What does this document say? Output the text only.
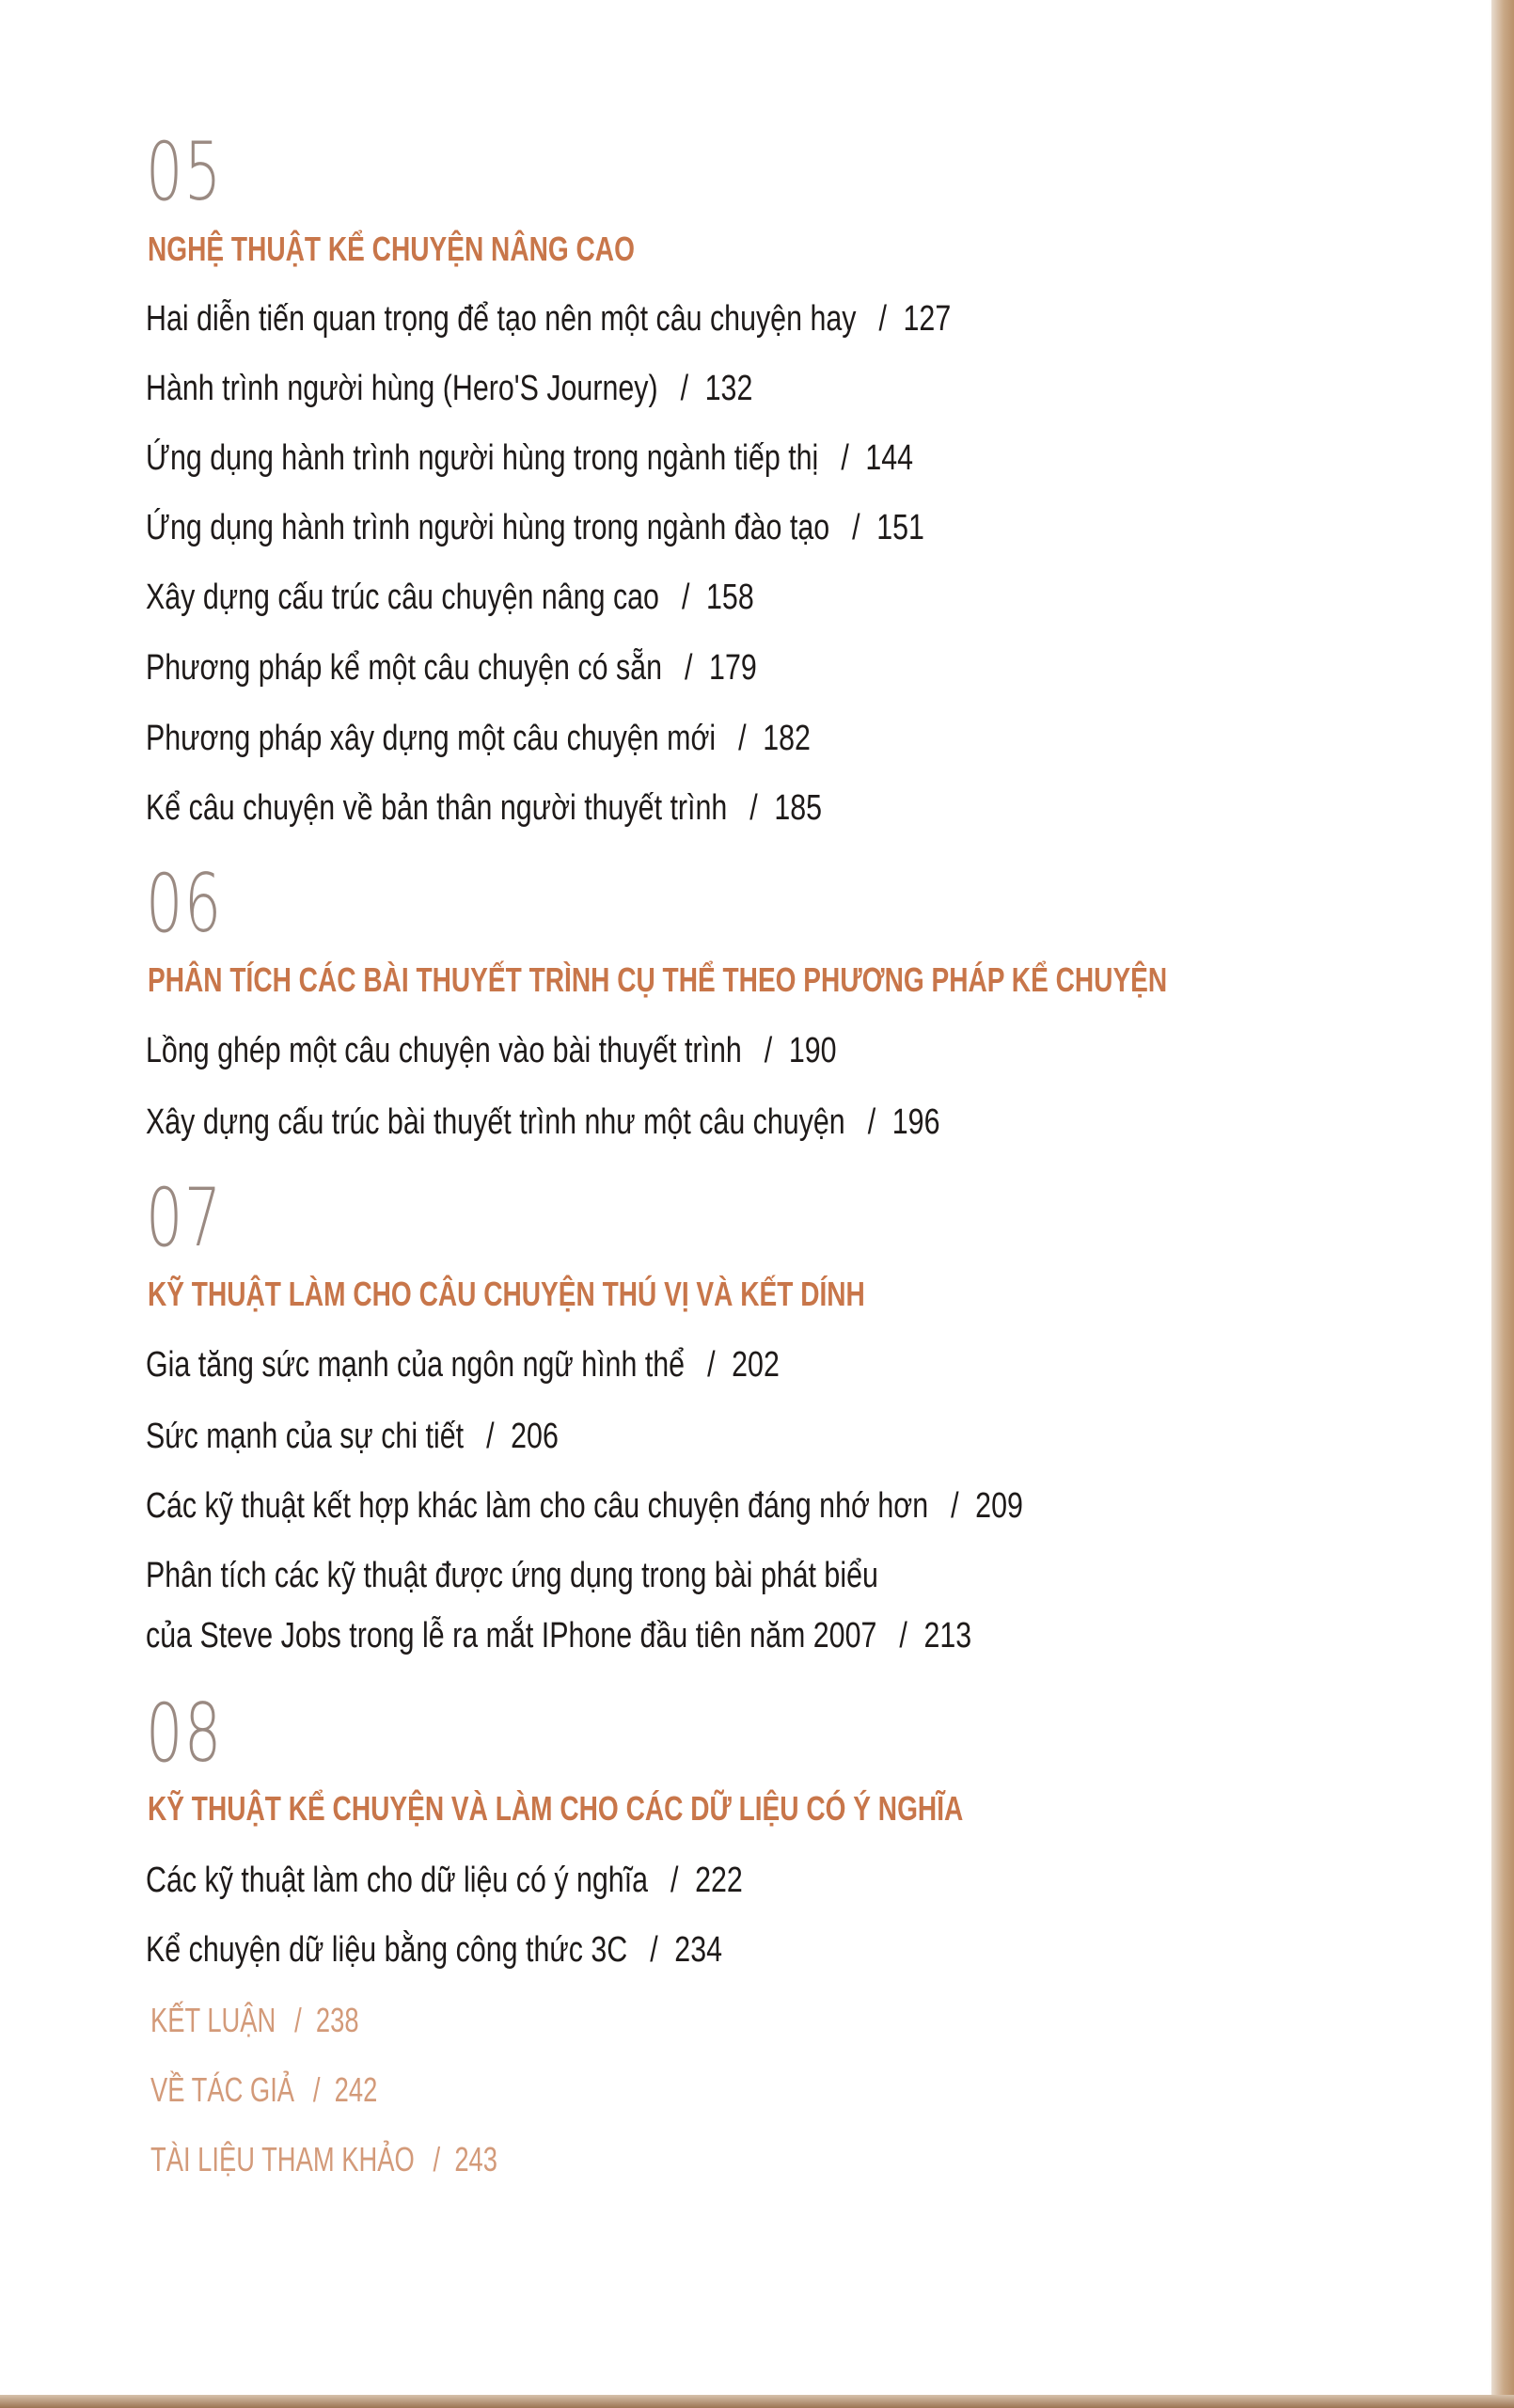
05
NGHỆ THUẬT KỂ CHUYỆN NÂNG CAO
Hai diễn tiến quan trọng để tạo nên một câu chuyện hay / 127
Hành trình người hùng (Hero'S Journey) / 132
Ứng dụng hành trình người hùng trong ngành tiếp thị / 144
Ứng dụng hành trình người hùng trong ngành đào tạo / 151
Xây dựng cấu trúc câu chuyện nâng cao / 158
Phương pháp kể một câu chuyện có sẵn / 179
Phương pháp xây dựng một câu chuyện mới / 182
Kể câu chuyện về bản thân người thuyết trình / 185
06
PHÂN TÍCH CÁC BÀI THUYẾT TRÌNH CỤ THỂ THEO PHƯƠNG PHÁP KỂ CHUYỆN
Lồng ghép một câu chuyện vào bài thuyết trình / 190
Xây dựng cấu trúc bài thuyết trình như một câu chuyện / 196
07
KỸ THUẬT LÀM CHO CÂU CHUYỆN THÚ VỊ VÀ KẾT DÍNH
Gia tăng sức mạnh của ngôn ngữ hình thể / 202
Sức mạnh của sự chi tiết / 206
Các kỹ thuật kết hợp khác làm cho câu chuyện đáng nhớ hơn / 209
Phân tích các kỹ thuật được ứng dụng trong bài phát biểu
của Steve Jobs trong lễ ra mắt IPhone đầu tiên năm 2007 / 213
08
KỸ THUẬT KỂ CHUYỆN VÀ LÀM CHO CÁC DỮ LIỆU CÓ Ý NGHĨA
Các kỹ thuật làm cho dữ liệu có ý nghĩa / 222
Kể chuyện dữ liệu bằng công thức 3C / 234
KẾT LUẬN / 238
VỀ TÁC GIẢ / 242
TÀI LIỆU THAM KHẢO / 243
